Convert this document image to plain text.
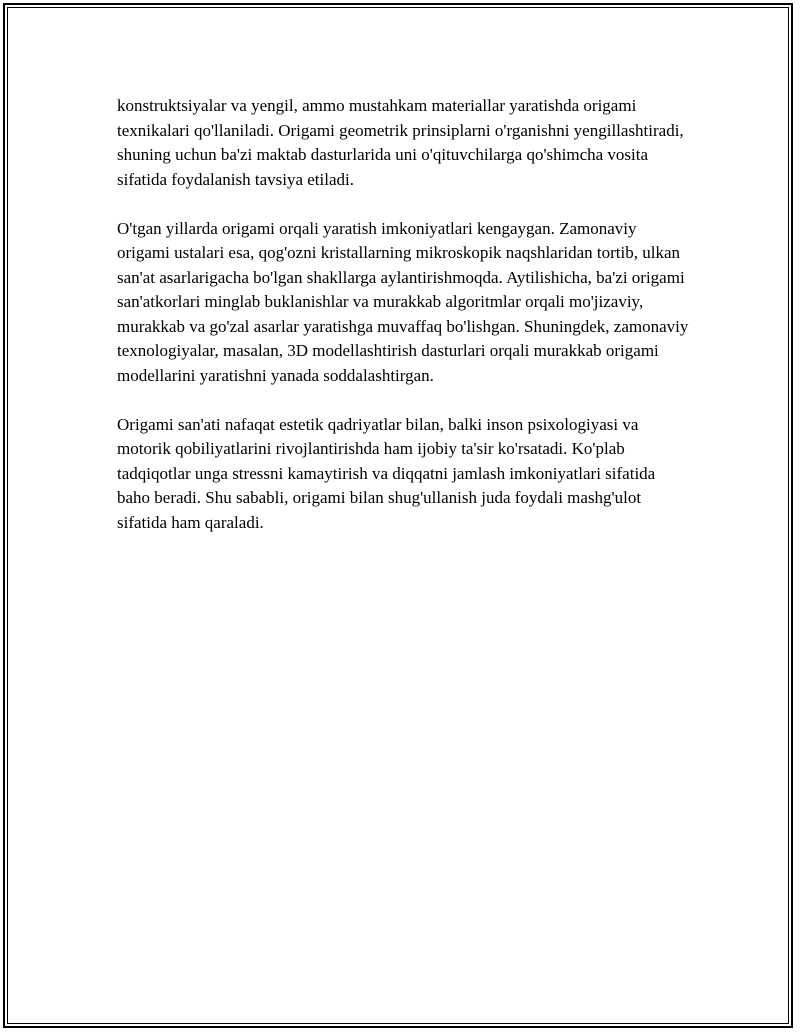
konstruktsiyalar va yengil, ammo mustahkam materiallar yaratishda origami texnikalari qo'llaniladi. Origami geometrik prinsiplarni o'rganishni yengillashtiradi, shuning uchun ba'zi maktab dasturlarida uni o'qituvchilarga qo'shimcha vosita sifatida foydalanish tavsiya etiladi.

O'tgan yillarda origami orqali yaratish imkoniyatlari kengaygan. Zamonaviy origami ustalari esa, qog'ozni kristallarning mikroskopik naqshlaridan tortib, ulkan san'at asarlarigacha bo'lgan shakllarga aylantirishmoqda. Aytilishicha, ba'zi origami san'atkorlari minglab buklanishlar va murakkab algoritmlar orqali mo'jizaviy, murakkab va go'zal asarlar yaratishga muvaffaq bo'lishgan. Shuningdek, zamonaviy texnologiyalar, masalan, 3D modellashtirish dasturlari orqali murakkab origami modellarini yaratishni yanada soddalashtirgan.

Origami san'ati nafaqat estetik qadriyatlar bilan, balki inson psixologiyasi va motorik qobiliyatlarini rivojlantirishda ham ijobiy ta'sir ko'rsatadi. Ko'plab tadqiqotlar unga stressni kamaytirish va diqqatni jamlash imkoniyatlari sifatida baho beradi. Shu sababli, origami bilan shug'ullanish juda foydali mashg'ulot sifatida ham qaraladi.
